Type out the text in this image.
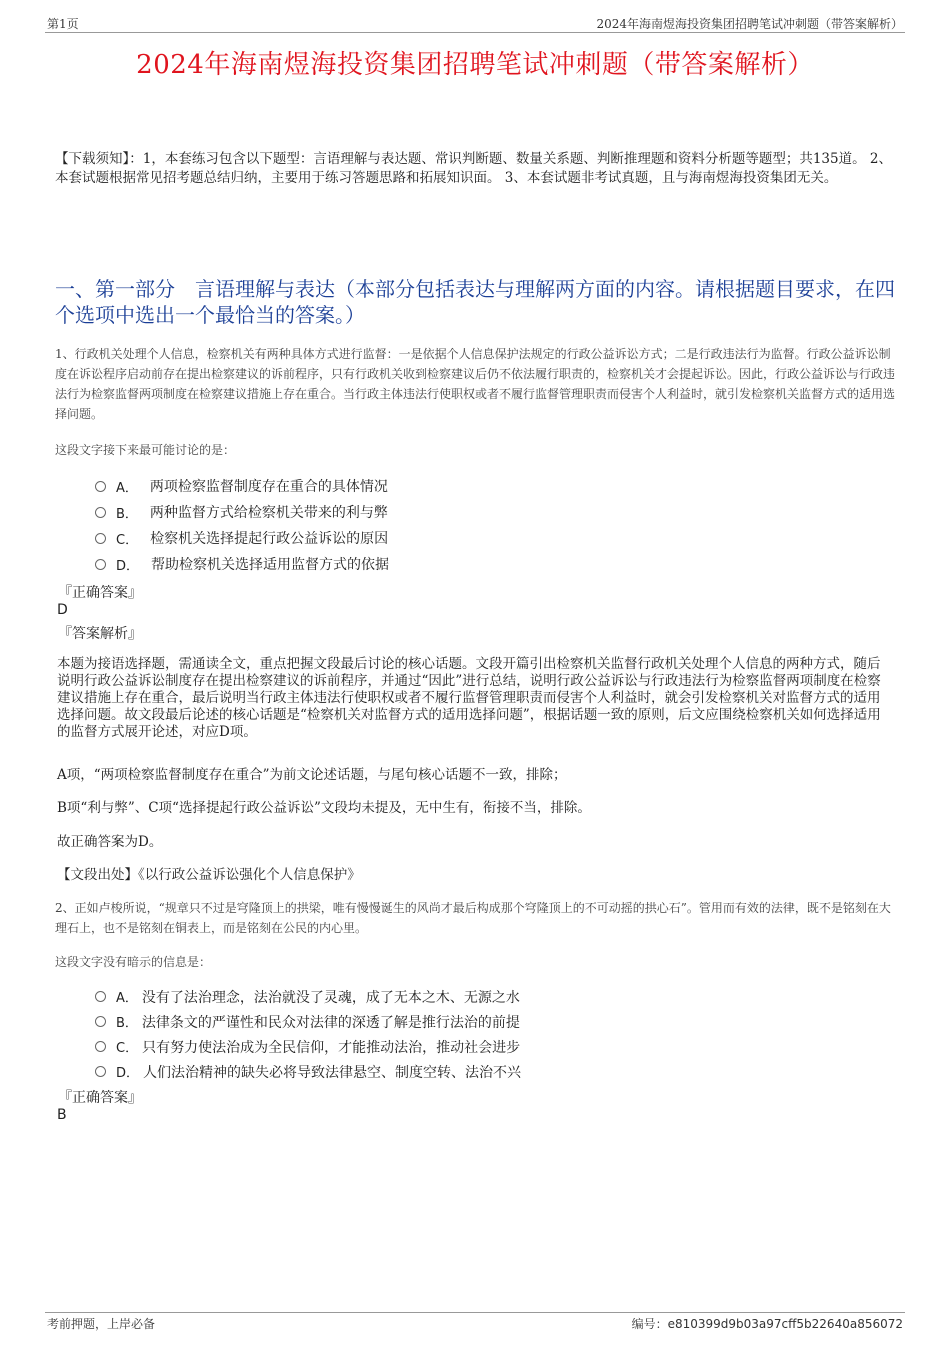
第1页	2024年海南煜海投资集团招聘笔试冲刺题（带答案解析）
2024年海南煜海投资集团招聘笔试冲刺题（带答案解析）
【下载须知】：1，本套练习包含以下题型：言语理解与表达题、常识判断题、数量关系题、判断推理题和资料分析题等题型；共135道。 2、本套试题根据常见招考题总结归纳，主要用于练习答题思路和拓展知识面。 3、本套试题非考试真题，且与海南煜海投资集团无关。
一、第一部分　言语理解与表达（本部分包括表达与理解两方面的内容。请根据题目要求，在四个选项中选出一个最恰当的答案。）
1、行政机关处理个人信息，检察机关有两种具体方式进行监督：一是依据个人信息保护法规定的行政公益诉讼方式；二是行政违法行为监督。行政公益诉讼制度在诉讼程序启动前存在提出检察建议的诉前程序，只有行政机关收到检察建议后仍不依法履行职责的，检察机关才会提起诉讼。因此，行政公益诉讼与行政违法行为检察监督两项制度在检察建议措施上存在重合。当行政主体违法行使职权或者不履行监督管理职责而侵害个人利益时，就引发检察机关监督方式的适用选择问题。
这段文字接下来最可能讨论的是：
A． 两项检察监督制度存在重合的具体情况
B． 两种监督方式给检察机关带来的利与弊
C． 检察机关选择提起行政公益诉讼的原因
D． 帮助检察机关选择适用监督方式的依据
『正确答案』
D
『答案解析』
本题为接语选择题，需通读全文，重点把握文段最后讨论的核心话题。文段开篇引出检察机关监督行政机关处理个人信息的两种方式，随后说明行政公益诉讼制度存在提出检察建议的诉前程序，并通过“因此”进行总结，说明行政公益诉讼与行政违法行为检察监督两项制度在检察建议措施上存在重合，最后说明当行政主体违法行使职权或者不履行监督管理职责而侵害个人利益时，就会引发检察机关对监督方式的适用选择问题。故文段最后论述的核心话题是“检察机关对监督方式的适用选择问题”，根据话题一致的原则，后文应围绕检察机关如何选择适用的监督方式展开论述，对应D项。
A项，“两项检察监督制度存在重合”为前文论述话题，与尾句核心话题不一致，排除；
B项“利与弊”、C项“选择提起行政公益诉讼”文段均未提及，无中生有，衔接不当，排除。
故正确答案为D。
【文段出处】《以行政公益诉讼强化个人信息保护》
2、正如卢梭所说，“规章只不过是穹隆顶上的拱梁，唯有慢慢诞生的风尚才最后构成那个穹隆顶上的不可动摇的拱心石”。管用而有效的法律，既不是铭刻在大理石上，也不是铭刻在铜表上，而是铭刻在公民的内心里。
这段文字没有暗示的信息是：
A． 没有了法治理念，法治就没了灵魂，成了无本之木、无源之水
B． 法律条文的严谨性和民众对法律的深透了解是推行法治的前提
C． 只有努力使法治成为全民信仰，才能推动法治，推动社会进步
D． 人们法治精神的缺失必将导致法律悬空、制度空转、法治不兴
『正确答案』
B
考前押题，上岸必备	编号：e810399d9b03a97cff5b22640a856072
